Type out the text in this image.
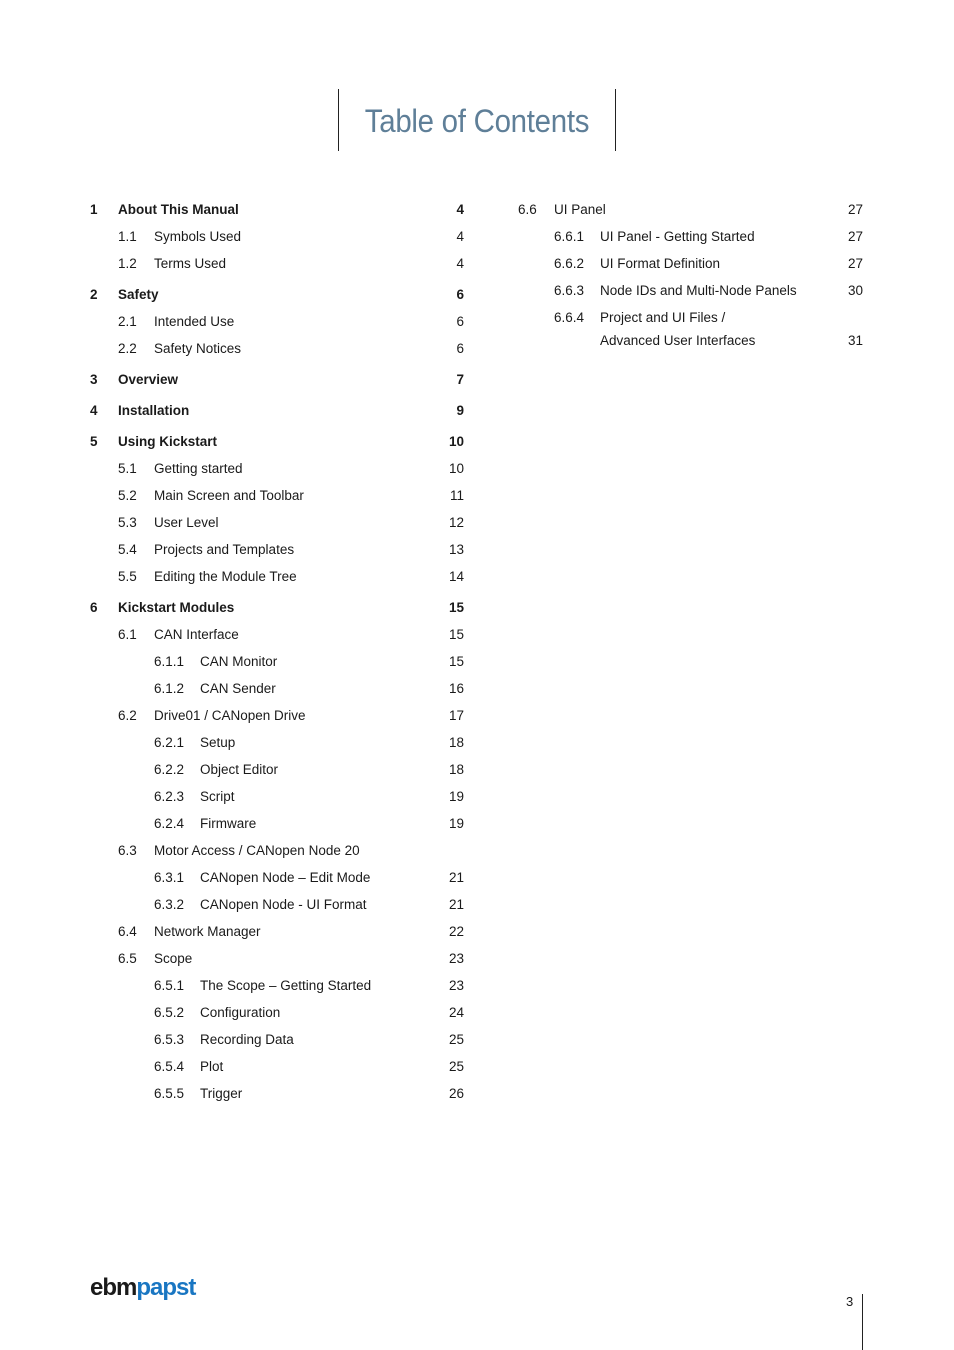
Table of Contents
1 About This Manual	4
1.1 Symbols Used	4
1.2 Terms Used	4
2 Safety	6
2.1 Intended Use	6
2.2 Safety Notices	6
3 Overview	7
4 Installation	9
5 Using Kickstart	10
5.1 Getting started	10
5.2 Main Screen and Toolbar	11
5.3 User Level	12
5.4 Projects and Templates	13
5.5 Editing the Module Tree	14
6 Kickstart Modules	15
6.1 CAN Interface	15
6.1.1 CAN Monitor	15
6.1.2 CAN Sender	16
6.2 Drive01 / CANopen Drive	17
6.2.1 Setup	18
6.2.2 Object Editor	18
6.2.3 Script	19
6.2.4 Firmware	19
6.3 Motor Access / CANopen Node 20
6.3.1 CANopen Node – Edit Mode	21
6.3.2 CANopen Node - UI Format	21
6.4 Network Manager	22
6.5 Scope	23
6.5.1 The Scope – Getting Started	23
6.5.2 Configuration	24
6.5.3 Recording Data	25
6.5.4 Plot	25
6.5.5 Trigger	26
6.6 UI Panel	27
6.6.1 UI Panel - Getting Started	27
6.6.2 UI Format Definition	27
6.6.3 Node IDs and Multi-Node Panels	30
6.6.4 Project and UI Files /
Advanced User Interfaces	31
ebmpapst
3
